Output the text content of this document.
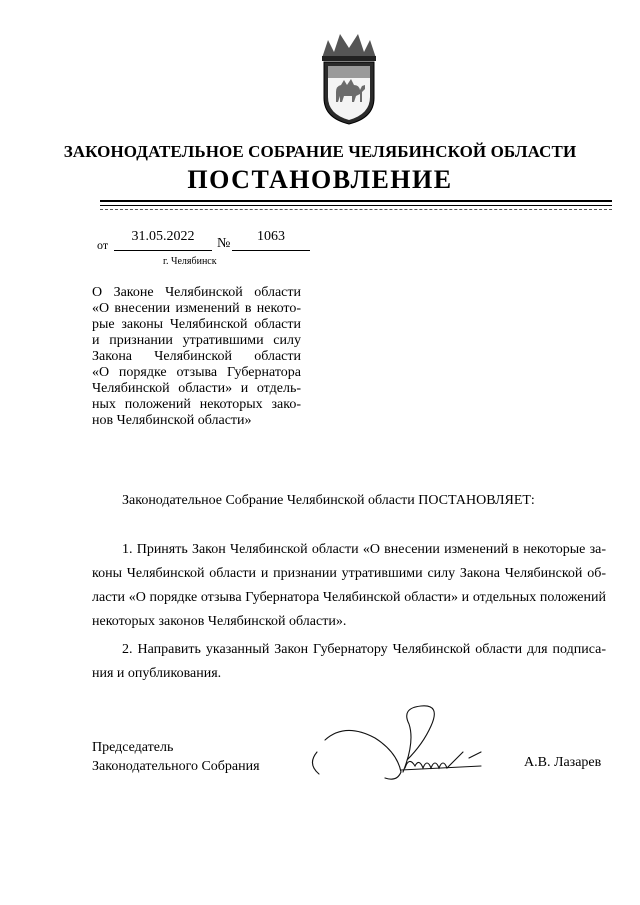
ЗАКОНОДАТЕЛЬНОЕ СОБРАНИЕ ЧЕЛЯБИНСКОЙ ОБЛАСТИ
ПОСТАНОВЛЕНИЕ
от
31.05.2022	№	1063
г. Челябинск
О Законе Челябинской области
«О внесении изменений в некото-
рые законы Челябинской области
и признании утратившими силу
Закона Челябинской области
«О порядке отзыва Губернатора
Челябинской области» и отдель-
ных положений некоторых зако-
нов Челябинской области»
Законодательное Собрание Челябинской области ПОСТАНОВЛЯЕТ:
1. Принять Закон Челябинской области «О внесении изменений в некоторые за-
коны Челябинской области и признании утратившими силу Закона Челябинской об-
ласти «О порядке отзыва Губернатора Челябинской области» и отдельных положений
некоторых законов Челябинской области».
2. Направить указанный Закон Губернатору Челябинской области для подписа-
ния и опубликования.
Председатель
Законодательного Собрания	А.В. Лазарев
